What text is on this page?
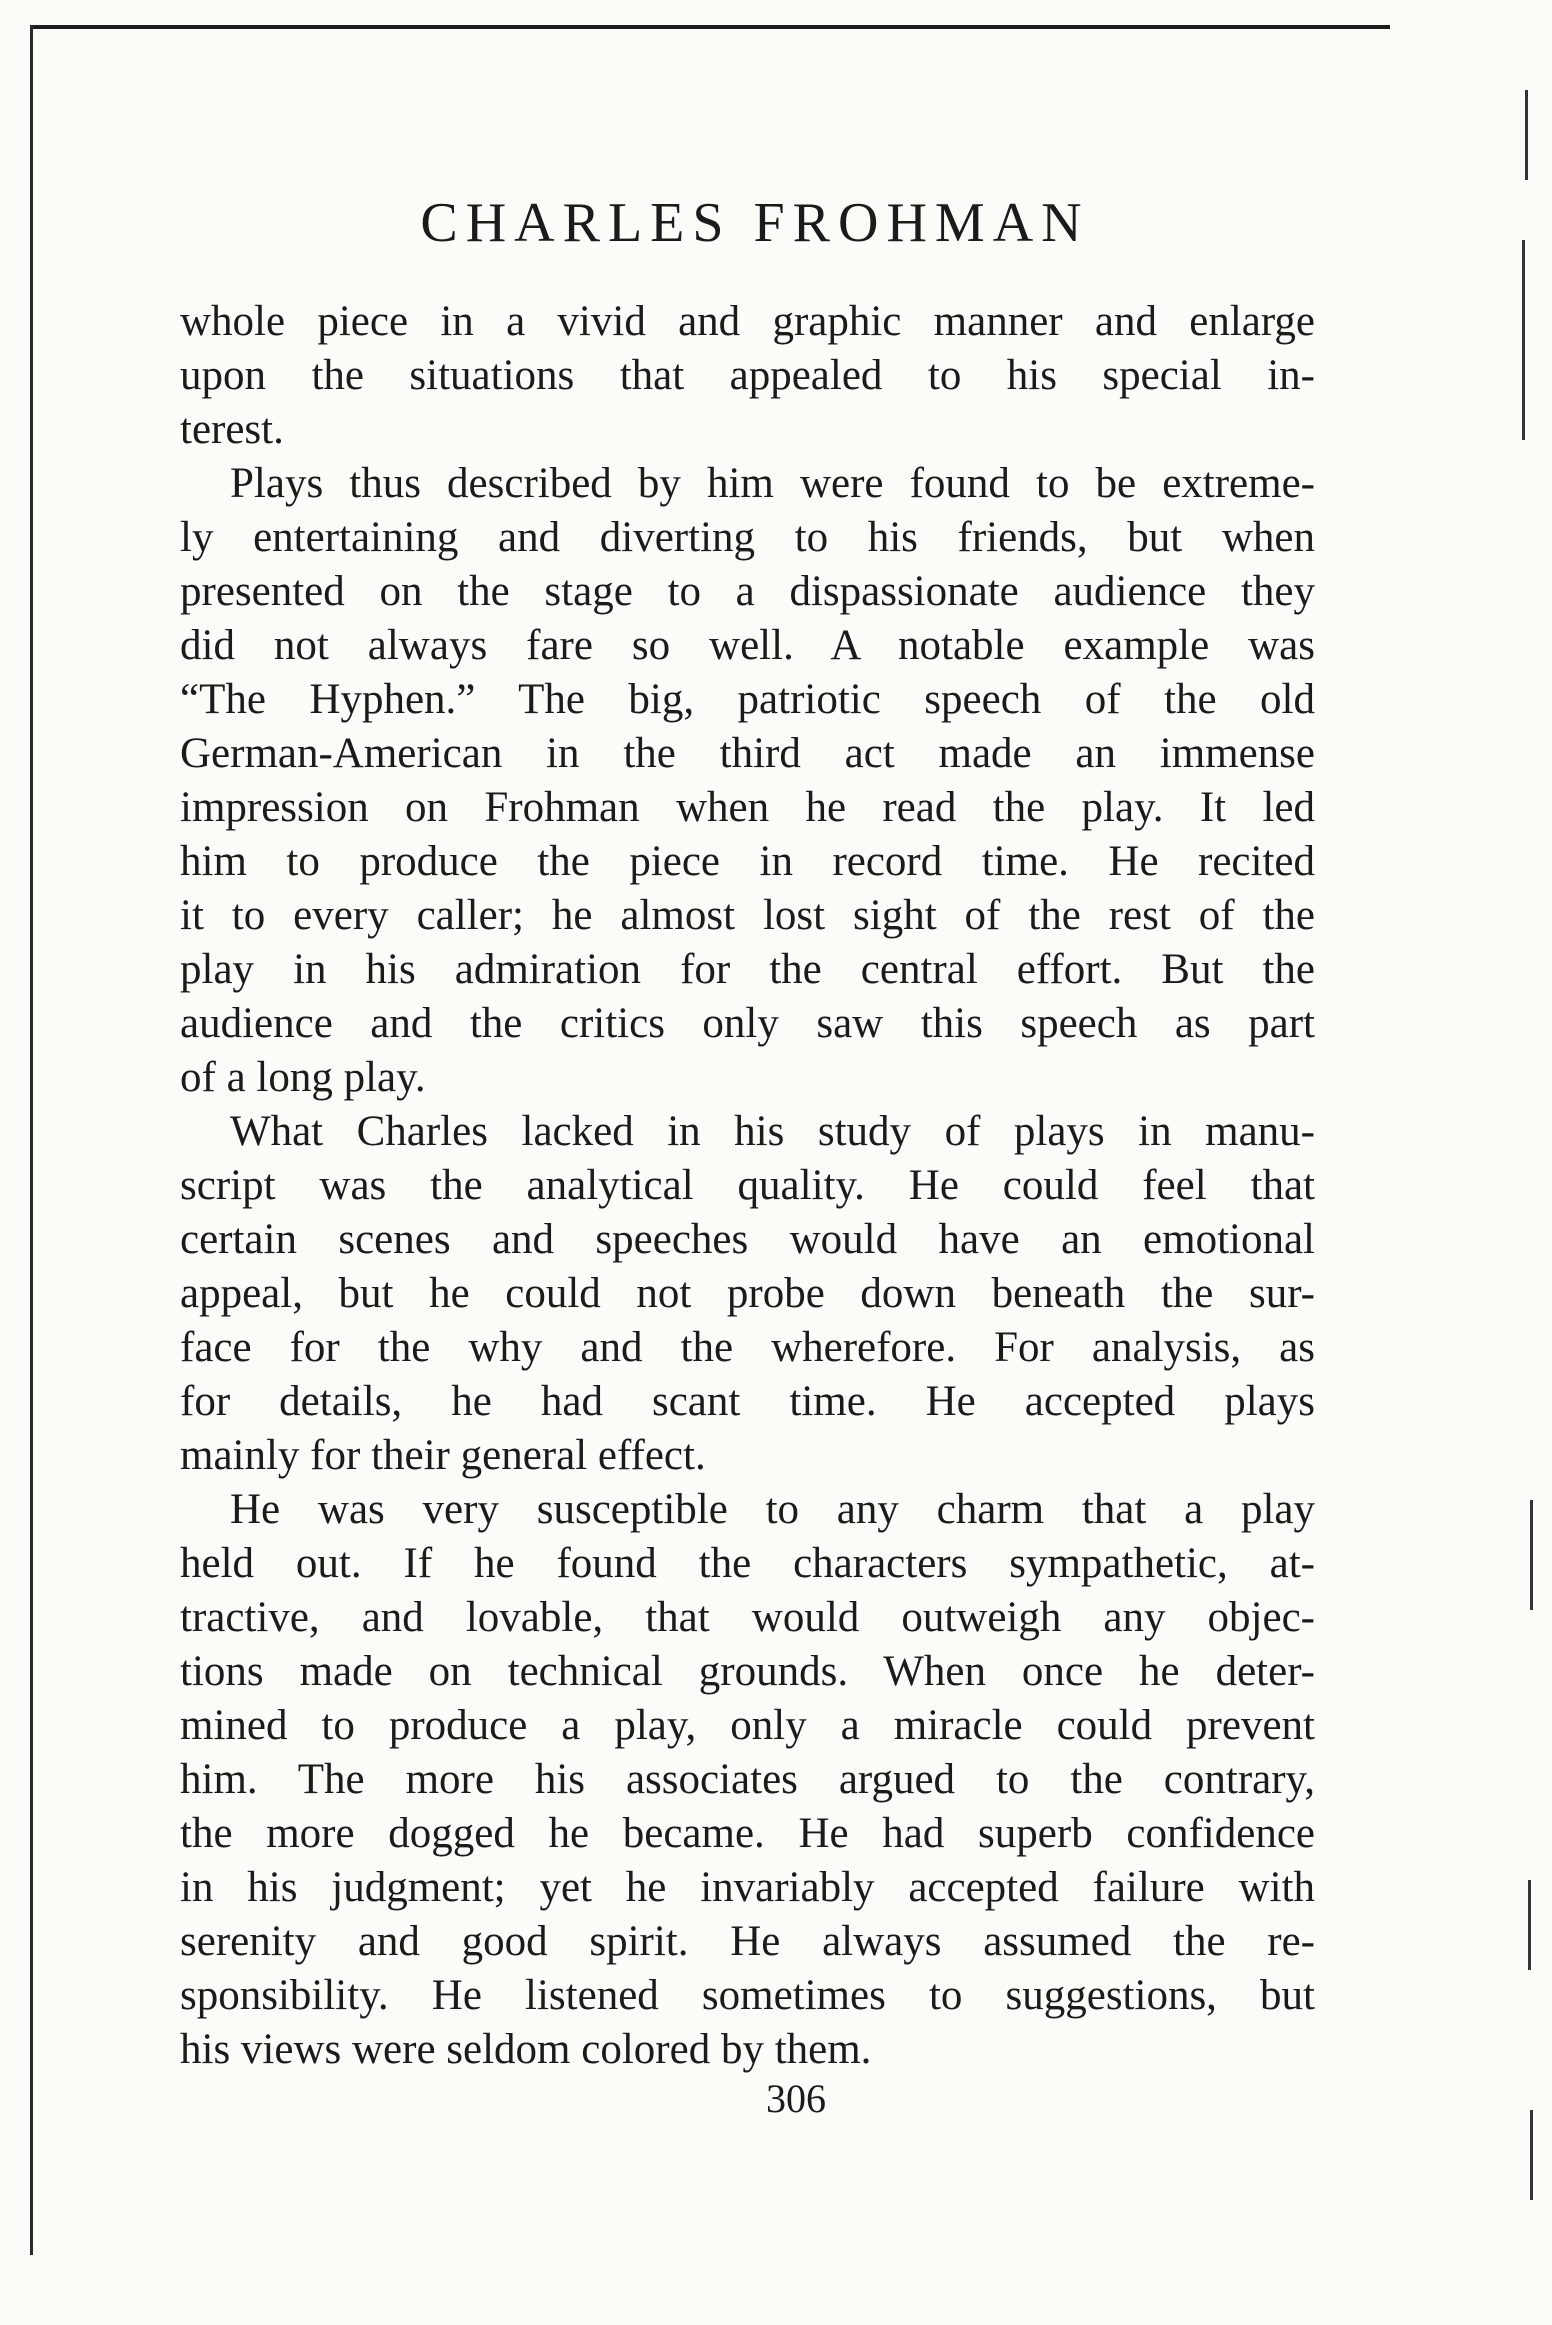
CHARLES FROHMAN
whole piece in a vivid and graphic manner and enlarge
upon the situations that appealed to his special in-
terest.
Plays thus described by him were found to be extreme-
ly entertaining and diverting to his friends, but when
presented on the stage to a dispassionate audience they
did not always fare so well. A notable example was
“The Hyphen.” The big, patriotic speech of the old
German-American in the third act made an immense
impression on Frohman when he read the play. It led
him to produce the piece in record time. He recited
it to every caller; he almost lost sight of the rest of the
play in his admiration for the central effort. But the
audience and the critics only saw this speech as part
of a long play.
What Charles lacked in his study of plays in manu-
script was the analytical quality. He could feel that
certain scenes and speeches would have an emotional
appeal, but he could not probe down beneath the sur-
face for the why and the wherefore. For analysis, as
for details, he had scant time. He accepted plays
mainly for their general effect.
He was very susceptible to any charm that a play
held out. If he found the characters sympathetic, at-
tractive, and lovable, that would outweigh any objec-
tions made on technical grounds. When once he deter-
mined to produce a play, only a miracle could prevent
him. The more his associates argued to the contrary,
the more dogged he became. He had superb confidence
in his judgment; yet he invariably accepted failure with
serenity and good spirit. He always assumed the re-
sponsibility. He listened sometimes to suggestions, but
his views were seldom colored by them.
306
